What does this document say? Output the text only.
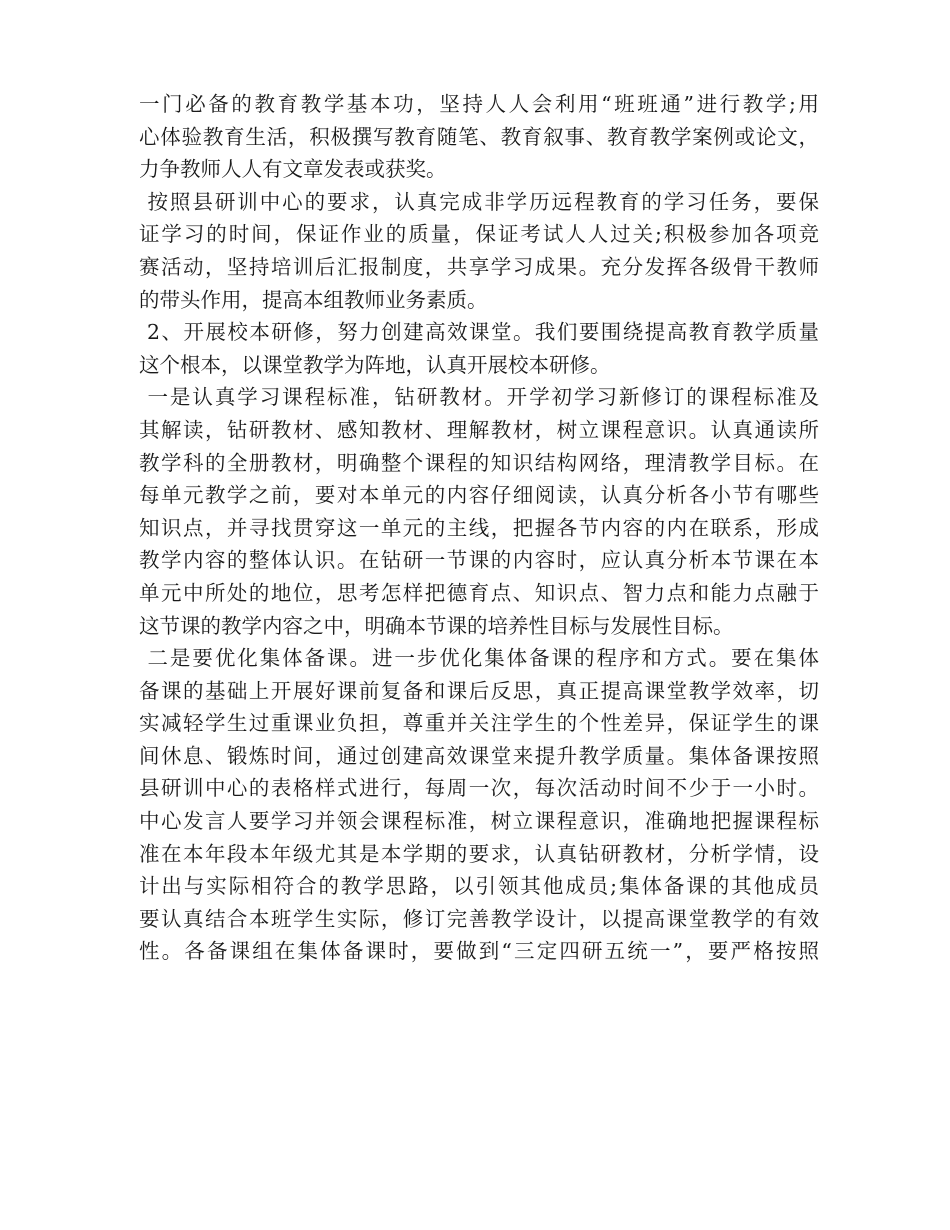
一门必备的教育教学基本功，坚持人人会利用“班班通”进行教学;用
心体验教育生活，积极撰写教育随笔、教育叙事、教育教学案例或论文，
力争教师人人有文章发表或获奖。
按照县研训中心的要求，认真完成非学历远程教育的学习任务，要保
证学习的时间，保证作业的质量，保证考试人人过关;积极参加各项竞
赛活动，坚持培训后汇报制度，共享学习成果。充分发挥各级骨干教师
的带头作用，提高本组教师业务素质。
2、开展校本研修，努力创建高效课堂。我们要围绕提高教育教学质量
这个根本，以课堂教学为阵地，认真开展校本研修。
一是认真学习课程标准，钻研教材。开学初学习新修订的课程标准及
其解读，钻研教材、感知教材、理解教材，树立课程意识。认真通读所
教学科的全册教材，明确整个课程的知识结构网络，理清教学目标。在
每单元教学之前，要对本单元的内容仔细阅读，认真分析各小节有哪些
知识点，并寻找贯穿这一单元的主线，把握各节内容的内在联系，形成
教学内容的整体认识。在钻研一节课的内容时，应认真分析本节课在本
单元中所处的地位，思考怎样把德育点、知识点、智力点和能力点融于
这节课的教学内容之中，明确本节课的培养性目标与发展性目标。
二是要优化集体备课。进一步优化集体备课的程序和方式。要在集体
备课的基础上开展好课前复备和课后反思，真正提高课堂教学效率，切
实减轻学生过重课业负担，尊重并关注学生的个性差异，保证学生的课
间休息、锻炼时间，通过创建高效课堂来提升教学质量。集体备课按照
县研训中心的表格样式进行，每周一次，每次活动时间不少于一小时。
中心发言人要学习并领会课程标准，树立课程意识，准确地把握课程标
准在本年段本年级尤其是本学期的要求，认真钻研教材，分析学情，设
计出与实际相符合的教学思路，以引领其他成员;集体备课的其他成员
要认真结合本班学生实际，修订完善教学设计，以提高课堂教学的有效
性。各备课组在集体备课时，要做到“三定四研五统一”，要严格按照
